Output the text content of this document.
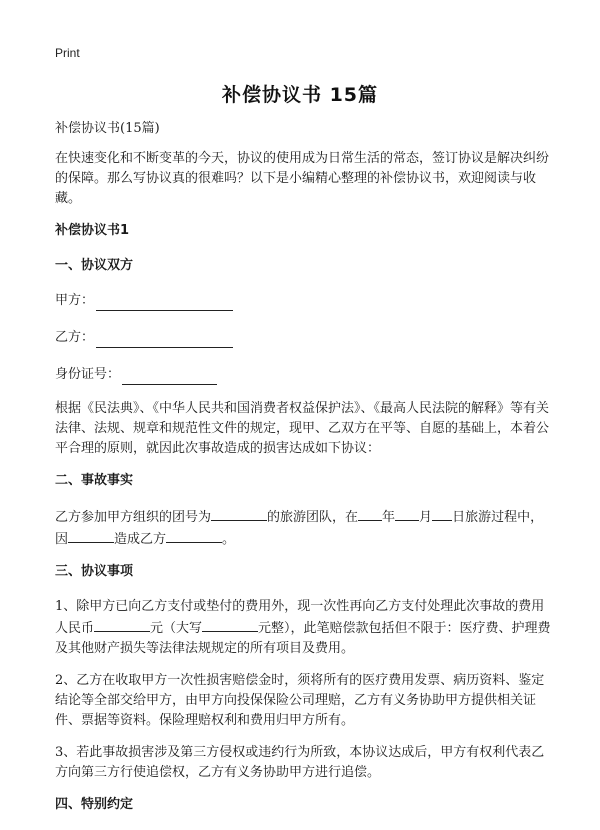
Print
补偿协议书 15篇

补偿协议书(15篇)

在快速变化和不断变革的今天，协议的使用成为日常生活的常态，签订协议是解决纠纷的保障。那么写协议真的很难吗？以下是小编精心整理的补偿协议书，欢迎阅读与收藏。

补偿协议书1

一、协议双方

甲方：
乙方：
身份证号：

根据《民法典》、《中华人民共和国消费者权益保护法》、《最高人民法院的解释》等有关法律、法规、规章和规范性文件的规定，现甲、乙双方在平等、自愿的基础上，本着公平合理的原则，就因此次事故造成的损害达成如下协议：

二、事故事实

乙方参加甲方组织的团号为	的旅游团队，在 年 月 日旅游过程中，因	造成乙方	。

三、协议事项

1、除甲方已向乙方支付或垫付的费用外，现一次性再向乙方支付处理此次事故的费用人民币	元（大写	元整），此笔赔偿款包括但不限于：医疗费、护理费及其他财产损失等法律法规规定的所有项目及费用。

2、乙方在收取甲方一次性损害赔偿金时，须将所有的医疗费用发票、病历资料、鉴定结论等全部交给甲方，由甲方向投保保险公司理赔，乙方有义务协助甲方提供相关证件、票据等资料。保险理赔权利和费用归甲方所有。

3、若此事故损害涉及第三方侵权或违约行为所致，本协议达成后，甲方有权利代表乙方向第三方行使追偿权，乙方有义务协助甲方进行追偿。

四、特别约定
